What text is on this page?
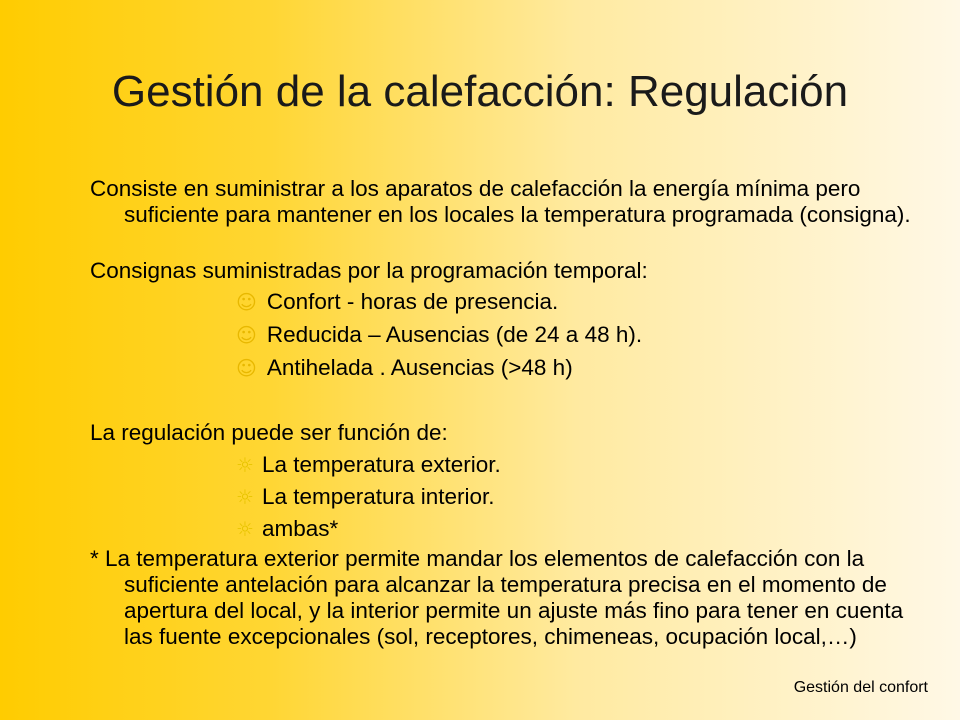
Gestión de la calefacción: Regulación

Consiste en suministrar a los aparatos de calefacción la energía mínima pero suficiente para mantener en los locales la temperatura programada (consigna).

Consignas suministradas por la programación temporal:

☺ Confort - horas de presencia.
☺ Reducida – Ausencias (de 24 a 48 h).
☺ Antihelada . Ausencias (>48 h)

La regulación puede ser función de:

☼ La temperatura exterior.
☼ La temperatura interior.
☼ ambas*

* La temperatura exterior permite mandar los elementos de calefacción con la suficiente antelación para alcanzar la temperatura precisa en el momento de apertura del local, y la interior permite un ajuste más fino para tener en cuenta las fuente excepcionales (sol, receptores, chimeneas, ocupación local,…)

Gestión del confort
